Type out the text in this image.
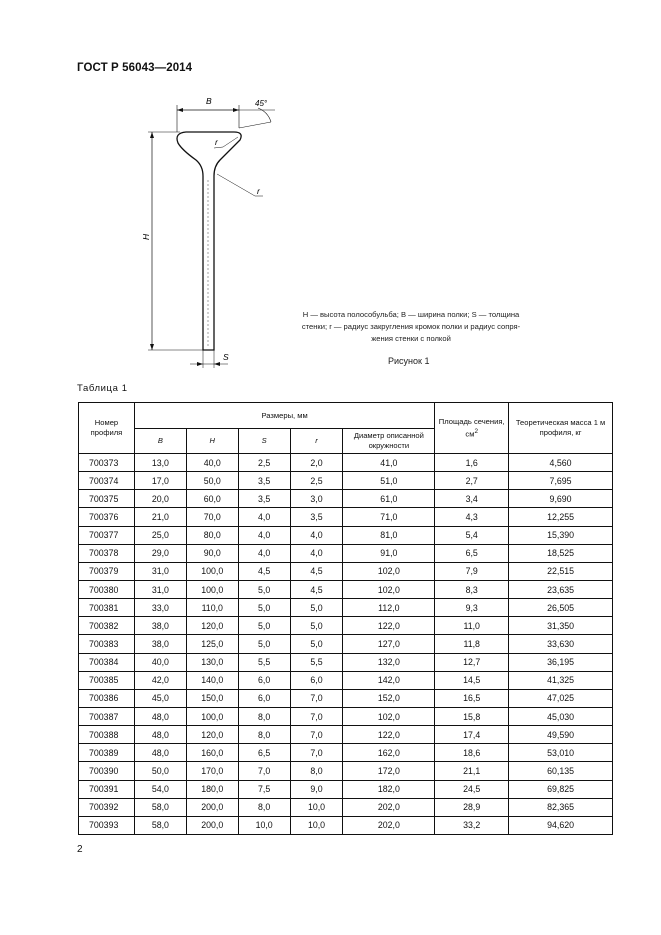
ГОСТ Р 56043—2014
B	45°
H
S
r
r
H — высота полособульба; B — ширина полки; S — толщина
стенки; r — радиус закругления кромок полки и радиус сопря-
жения стенки с полкой
Рисунок 1
Таблица 1
Номер профиля	Размеры, мм					Площадь сечения, $см^2$	Теоретическая масса 1 м профиля, кг
	B	H	S	r	Диаметр описанной окружности		
700373	13,0	40,0	2,5	2,0	41,0	1,6	4,560
700374	17,0	50,0	3,5	2,5	51,0	2,7	7,695
700375	20,0	60,0	3,5	3,0	61,0	3,4	9,690
700376	21,0	70,0	4,0	3,5	71,0	4,3	12,255
700377	25,0	80,0	4,0	4,0	81,0	5,4	15,390
700378	29,0	90,0	4,0	4,0	91,0	6,5	18,525
700379	31,0	100,0	4,5	4,5	102,0	7,9	22,515
700380	31,0	100,0	5,0	4,5	102,0	8,3	23,635
700381	33,0	110,0	5,0	5,0	112,0	9,3	26,505
700382	38,0	120,0	5,0	5,0	122,0	11,0	31,350
700383	38,0	125,0	5,0	5,0	127,0	11,8	33,630
700384	40,0	130,0	5,5	5,5	132,0	12,7	36,195
700385	42,0	140,0	6,0	6,0	142,0	14,5	41,325
700386	45,0	150,0	6,0	7,0	152,0	16,5	47,025
700387	48,0	100,0	8,0	7,0	102,0	15,8	45,030
700388	48,0	120,0	8,0	7,0	122,0	17,4	49,590
700389	48,0	160,0	6,5	7,0	162,0	18,6	53,010
700390	50,0	170,0	7,0	8,0	172,0	21,1	60,135
700391	54,0	180,0	7,5	9,0	182,0	24,5	69,825
700392	58,0	200,0	8,0	10,0	202,0	28,9	82,365
700393	58,0	200,0	10,0	10,0	202,0	33,2	94,620
2
